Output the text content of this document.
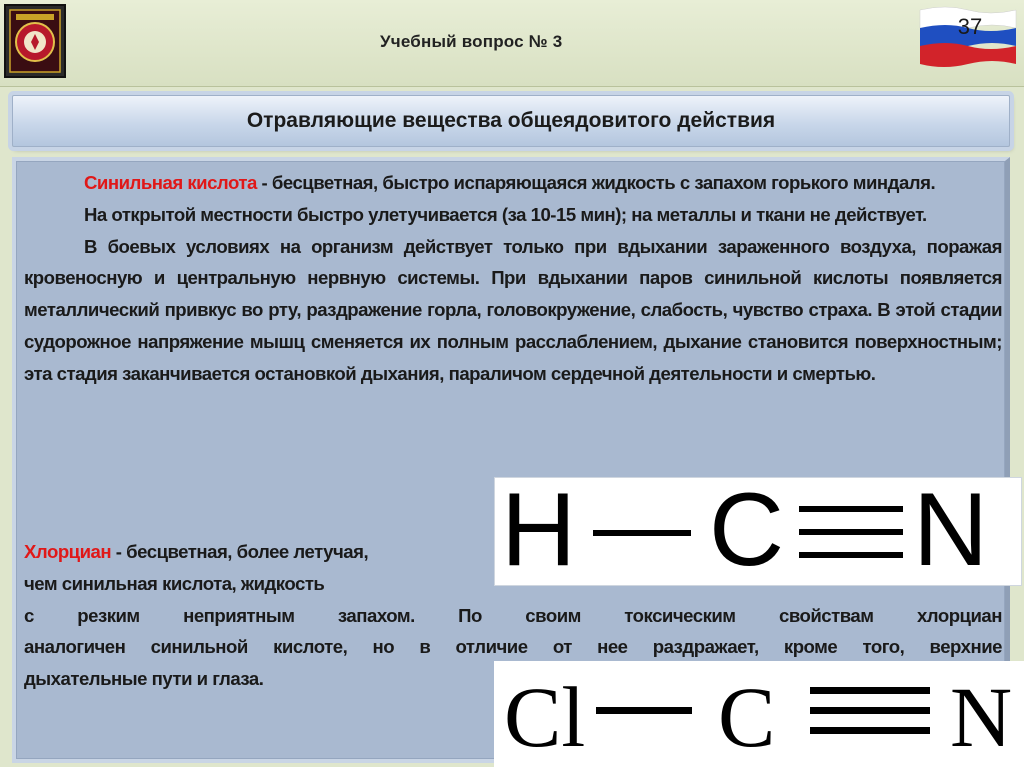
Учебный вопрос № 3
37
Отравляющие вещества общеядовитого действия

Синильная кислота - бесцветная, быстро испаряющаяся жидкость с запахом горького миндаля.

На открытой местности быстро улетучивается (за 10-15 мин); на металлы и ткани не действует.

В боевых условиях на организм действует только при вдыхании зараженного воздуха, поражая кровеносную и центральную нервную системы. При вдыхании паров синильной кислоты появляется металлический привкус во рту, раздражение горла, головокружение, слабость, чувство страха. В этой стадии судорожное напряжение мышц сменяется их полным расслаблением, дыхание становится поверхностным; эта стадия заканчивается остановкой дыхания, параличом сердечной деятельности и смертью.

Хлорциан - бесцветная, более летучая,
чем синильная кислота, жидкость
с резким неприятным запахом. По своим токсическим свойствам хлорциан
аналогичен синильной кислоте, но в отличие от нее раздражает, кроме того, верхние
дыхательные пути и глаза.
H C N
Cl C N
